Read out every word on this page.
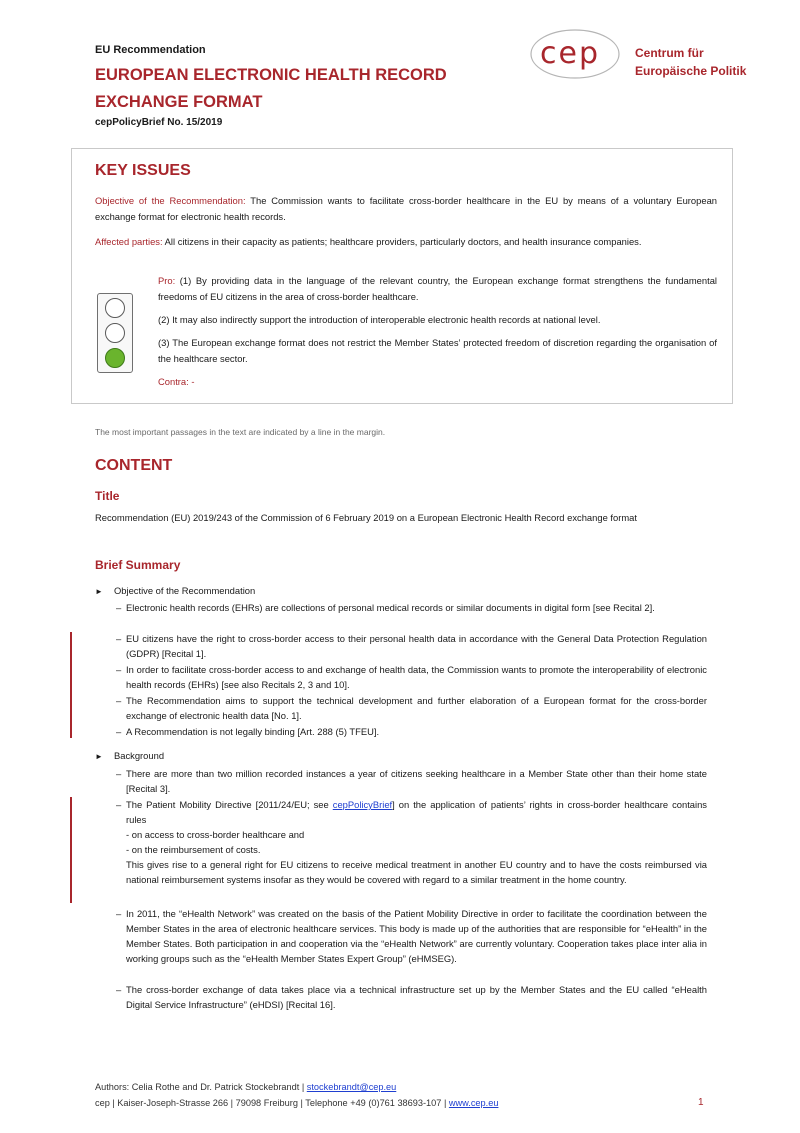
EU Recommendation
EUROPEAN ELECTRONIC HEALTH RECORD
EXCHANGE FORMAT
cepPolicyBrief No. 15/2019
cep	Centrum für
Europäische Politik
KEY ISSUES
Objective of the Recommendation: The Commission wants to facilitate cross-border healthcare in the EU by means of a voluntary European exchange format for electronic health records.
Affected parties: All citizens in their capacity as patients; healthcare providers, particularly doctors, and health insurance companies.
Pro: (1) By providing data in the language of the relevant country, the European exchange format strengthens the fundamental freedoms of EU citizens in the area of cross-border healthcare.
(2) It may also indirectly support the introduction of interoperable electronic health records at national level.
(3) The European exchange format does not restrict the Member States’ protected freedom of discretion regarding the organisation of the healthcare sector.
Contra: -
The most important passages in the text are indicated by a line in the margin.
CONTENT
Title
Recommendation (EU) 2019/243 of the Commission of 6 February 2019 on a European Electronic Health Record exchange format
Brief Summary
► Objective of the Recommendation
– Electronic health records (EHRs) are collections of personal medical records or similar documents in digital form [see Recital 2].
– EU citizens have the right to cross-border access to their personal health data in accordance with the General Data Protection Regulation (GDPR) [Recital 1].
– In order to facilitate cross-border access to and exchange of health data, the Commission wants to promote the interoperability of electronic health records (EHRs) [see also Recitals 2, 3 and 10].
– The Recommendation aims to support the technical development and further elaboration of a European format for the cross-border exchange of electronic health data [No. 1].
– A Recommendation is not legally binding [Art. 288 (5) TFEU].
► Background
– There are more than two million recorded instances a year of citizens seeking healthcare in a Member State other than their home state [Recital 3].
– The Patient Mobility Directive [2011/24/EU; see cepPolicyBrief] on the application of patients’ rights in cross-border healthcare contains rules
- on access to cross-border healthcare and
- on the reimbursement of costs.
This gives rise to a general right for EU citizens to receive medical treatment in another EU country and to have the costs reimbursed via national reimbursement systems insofar as they would be covered with regard to a similar treatment in the home country.
– In 2011, the “eHealth Network” was created on the basis of the Patient Mobility Directive in order to facilitate the coordination between the Member States in the area of electronic healthcare services. This body is made up of the authorities that are responsible for “eHealth” in the Member States. Both participation in and cooperation via the “eHealth Network” are currently voluntary. Cooperation takes place inter alia in working groups such as the “eHealth Member States Expert Group” (eHMSEG).
– The cross-border exchange of data takes place via a technical infrastructure set up by the Member States and the EU called “eHealth Digital Service Infrastructure” (eHDSI) [Recital 16].
Authors: Celia Rothe and Dr. Patrick Stockebrandt | stockebrandt@cep.eu
cep | Kaiser-Joseph-Strasse 266 | 79098 Freiburg | Telephone +49 (0)761 38693-107 | www.cep.eu	1
